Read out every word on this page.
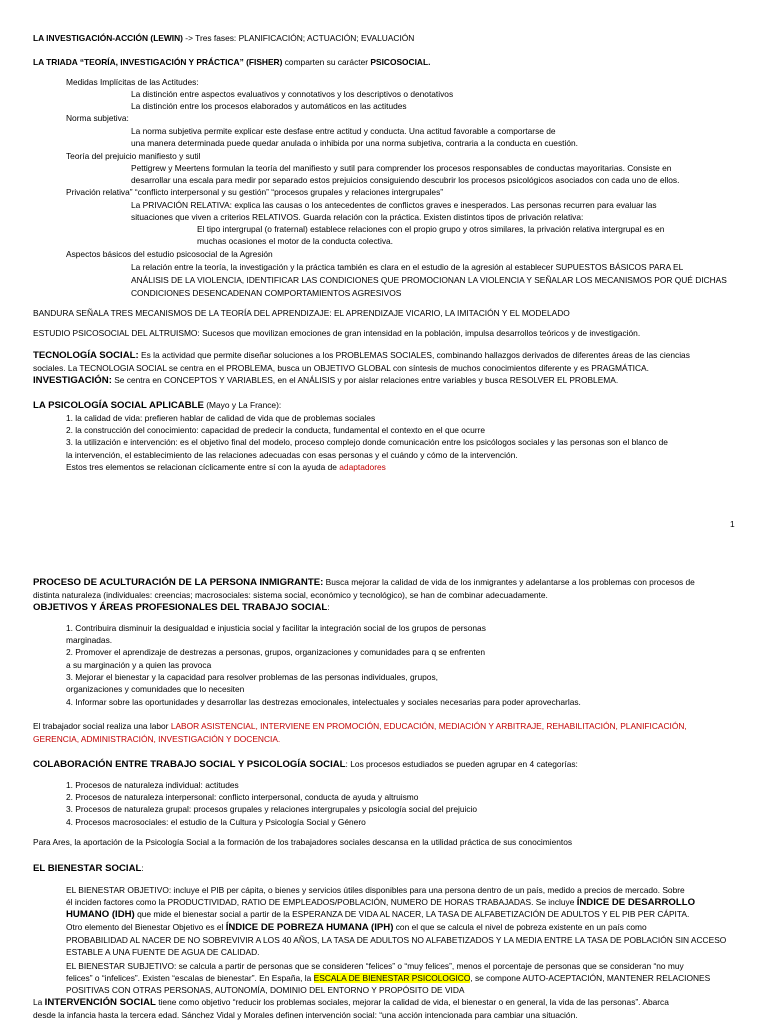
LA INVESTIGACIÓN-ACCIÓN (LEWIN) -> Tres fases: PLANIFICACIÓN; ACTUACIÓN; EVALUACIÓN
LA TRIADA “TEORÍA, INVESTIGACIÓN Y PRÁCTICA” (FISHER) comparten su carácter PSICOSOCIAL.
Medidas Implícitas de las Actitudes:
La distinción entre aspectos evaluativos y connotativos y los descriptivos o denotativos
La distinción entre los procesos elaborados y automáticos en las actitudes
Norma subjetiva:
La norma subjetiva permite explicar este desfase entre actitud y conducta. Una actitud favorable a comportarse de
una manera determinada puede quedar anulada o inhibida por una norma subjetiva, contraria a la conducta en cuestión.
Teoría del prejuicio manifiesto y sutil
Pettigrew y Meertens formulan la teoría del manifiesto y sutil para comprender los procesos responsables de conductas mayoritarias. Consiste en
desarrollar una escala para medir por separado estos prejuicios consiguiendo descubrir los procesos psicológicos asociados con cada uno de ellos.
Privación relativa” “conflicto interpersonal y su gestión” “procesos grupales y relaciones intergrupales”
La PRIVACIÓN RELATIVA: explica las causas o los antecedentes de conflictos graves e inesperados. Las personas recurren para evaluar las
situaciones que viven a criterios RELATIVOS. Guarda relación con la práctica. Existen distintos tipos de privación relativa:
El tipo intergrupal (o fraternal) establece relaciones con el propio grupo y otros similares, la privación relativa intergrupal es en
muchas ocasiones el motor de la conducta colectiva.
Aspectos básicos del estudio psicosocial de la Agresión
La relación entre la teoría, la investigación y la práctica también es clara en el estudio de la agresión al establecer SUPUESTOS BÁSICOS PARA EL
ANÁLISIS DE LA VIOLENCIA, IDENTIFICAR LAS CONDICIONES QUE PROMOCIONAN LA VIOLENCIA Y SEÑALAR LOS MECANISMOS POR QUÉ DICHAS
CONDICIONES DESENCADENAN COMPORTAMIENTOS AGRESIVOS
BANDURA SEÑALA TRES MECANISMOS DE LA TEORÍA DEL APRENDIZAJE: EL APRENDIZAJE VICARIO, LA IMITACIÓN Y EL MODELADO
ESTUDIO PSICOSOCIAL DEL ALTRUISMO: Sucesos que movilizan emociones de gran intensidad en la población, impulsa desarrollos teóricos y de investigación.
TECNOLOGÍA SOCIAL: Es la actividad que permite diseñar soluciones a los PROBLEMAS SOCIALES, combinando hallazgos derivados de diferentes áreas de las ciencias
sociales. La TECNOLOGIA SOCIAL se centra en el PROBLEMA, busca un OBJETIVO GLOBAL con síntesis de muchos conocimientos diferente y es PRAGMÁTICA.
INVESTIGACIÓN: Se centra en CONCEPTOS Y VARIABLES, en el ANÁLISIS y por aislar relaciones entre variables y busca RESOLVER EL PROBLEMA.
LA PSICOLOGÍA SOCIAL APLICABLE (Mayo y La France):
1. la calidad de vida: prefieren hablar de calidad de vida que de problemas sociales
2. la construcción del conocimiento: capacidad de predecir la conducta, fundamental el contexto en el que ocurre
3. la utilización e intervención: es el objetivo final del modelo, proceso complejo donde comunicación entre los psicólogos sociales y las personas son el blanco de
la intervención, el establecimiento de las relaciones adecuadas con esas personas y el cuándo y cómo de la intervención.
Estos tres elementos se relacionan cíclicamente entre sí con la ayuda de adaptadores
1
PROCESO DE ACULTURACIÓN DE LA PERSONA INMIGRANTE: Busca mejorar la calidad de vida de los inmigrantes y adelantarse a los problemas con procesos de
distinta naturaleza (individuales: creencias; macrosociales: sistema social, económico y tecnológico), se han de combinar adecuadamente.
OBJETIVOS Y ÁREAS PROFESIONALES DEL TRABAJO SOCIAL:
1. Contribuira disminuir la desigualdad e injusticia social y facilitar la integración social de los grupos de personas
marginadas.
2. Promover el aprendizaje de destrezas a personas, grupos, organizaciones y comunidades para q se enfrenten
a su marginación y a quien las provoca
3. Mejorar el bienestar y la capacidad para resolver problemas de las personas individuales, grupos,
organizaciones y comunidades que lo necesiten
4. Informar sobre las oportunidades y desarrollar las destrezas emocionales, intelectuales y sociales necesarias para poder aprovecharlas.
El trabajador social realiza una labor LABOR ASISTENCIAL, INTERVIENE EN PROMOCIÓN, EDUCACIÓN, MEDIACIÓN Y ARBITRAJE, REHABILITACIÓN, PLANIFICACIÓN,
GERENCIA, ADMINISTRACIÓN, INVESTIGACIÓN Y DOCENCIA.
COLABORACIÓN ENTRE TRABAJO SOCIAL Y PSICOLOGÍA SOCIAL: Los procesos estudiados se pueden agrupar en 4 categorías:
1. Procesos de naturaleza individual: actitudes
2. Procesos de naturaleza interpersonal: conflicto interpersonal, conducta de ayuda y altruismo
3. Procesos de naturaleza grupal: procesos grupales y relaciones intergrupales y psicología social del prejuicio
4. Procesos macrosociales: el estudio de la Cultura y Psicología Social y Género
Para Ares, la aportación de la Psicología Social a la formación de los trabajadores sociales descansa en la utilidad práctica de sus conocimientos
EL BIENESTAR SOCIAL:
EL BIENESTAR OBJETIVO: incluye el PIB per cápita, o bienes y servicios útiles disponibles para una persona dentro de un país, medido a precios de mercado. Sobre
él inciden factores como la PRODUCTIVIDAD, RATIO DE EMPLEADOS/POBLACIÓN, NUMERO DE HORAS TRABAJADAS. Se incluye ÍNDICE DE DESARROLLO
HUMANO (IDH) que mide el bienestar social a partir de la ESPERANZA DE VIDA AL NACER, LA TASA DE ALFABETIZACIÓN DE ADULTOS Y EL PIB PER CÁPITA.
Otro elemento del Bienestar Objetivo es el ÍNDICE DE POBREZA HUMANA (IPH) con el que se calcula el nivel de pobreza existente en un país como
PROBABILIDAD AL NACER DE NO SOBREVIVIR A LOS 40 AÑOS, LA TASA DE ADULTOS NO ALFABETIZADOS Y LA MEDIA ENTRE LA TASA DE POBLACIÓN SIN ACCESO
ESTABLE A UNA FUENTE DE AGUA DE CALIDAD.
EL BIENESTAR SUBJETIVO: se calcula a partir de personas que se consideren “felices” o “muy felices”, menos el porcentaje de personas que se consideran “no muy
felices” o “infelices”. Existen “escalas de bienestar”. En España, la ESCALA DE BIENESTAR PSICOLOGICO, se compone AUTO-ACEPTACIÓN, MANTENER RELACIONES
POSITIVAS CON OTRAS PERSONAS, AUTONOMÍA, DOMINIO DEL ENTORNO Y PROPÓSITO DE VIDA
La INTERVENCIÓN SOCIAL tiene como objetivo “reducir los problemas sociales, mejorar la calidad de vida, el bienestar o en general, la vida de las personas”. Abarca
desde la infancia hasta la tercera edad. Sánchez Vidal y Morales definen intervención social: “una acción intencionada para cambiar una situación.
